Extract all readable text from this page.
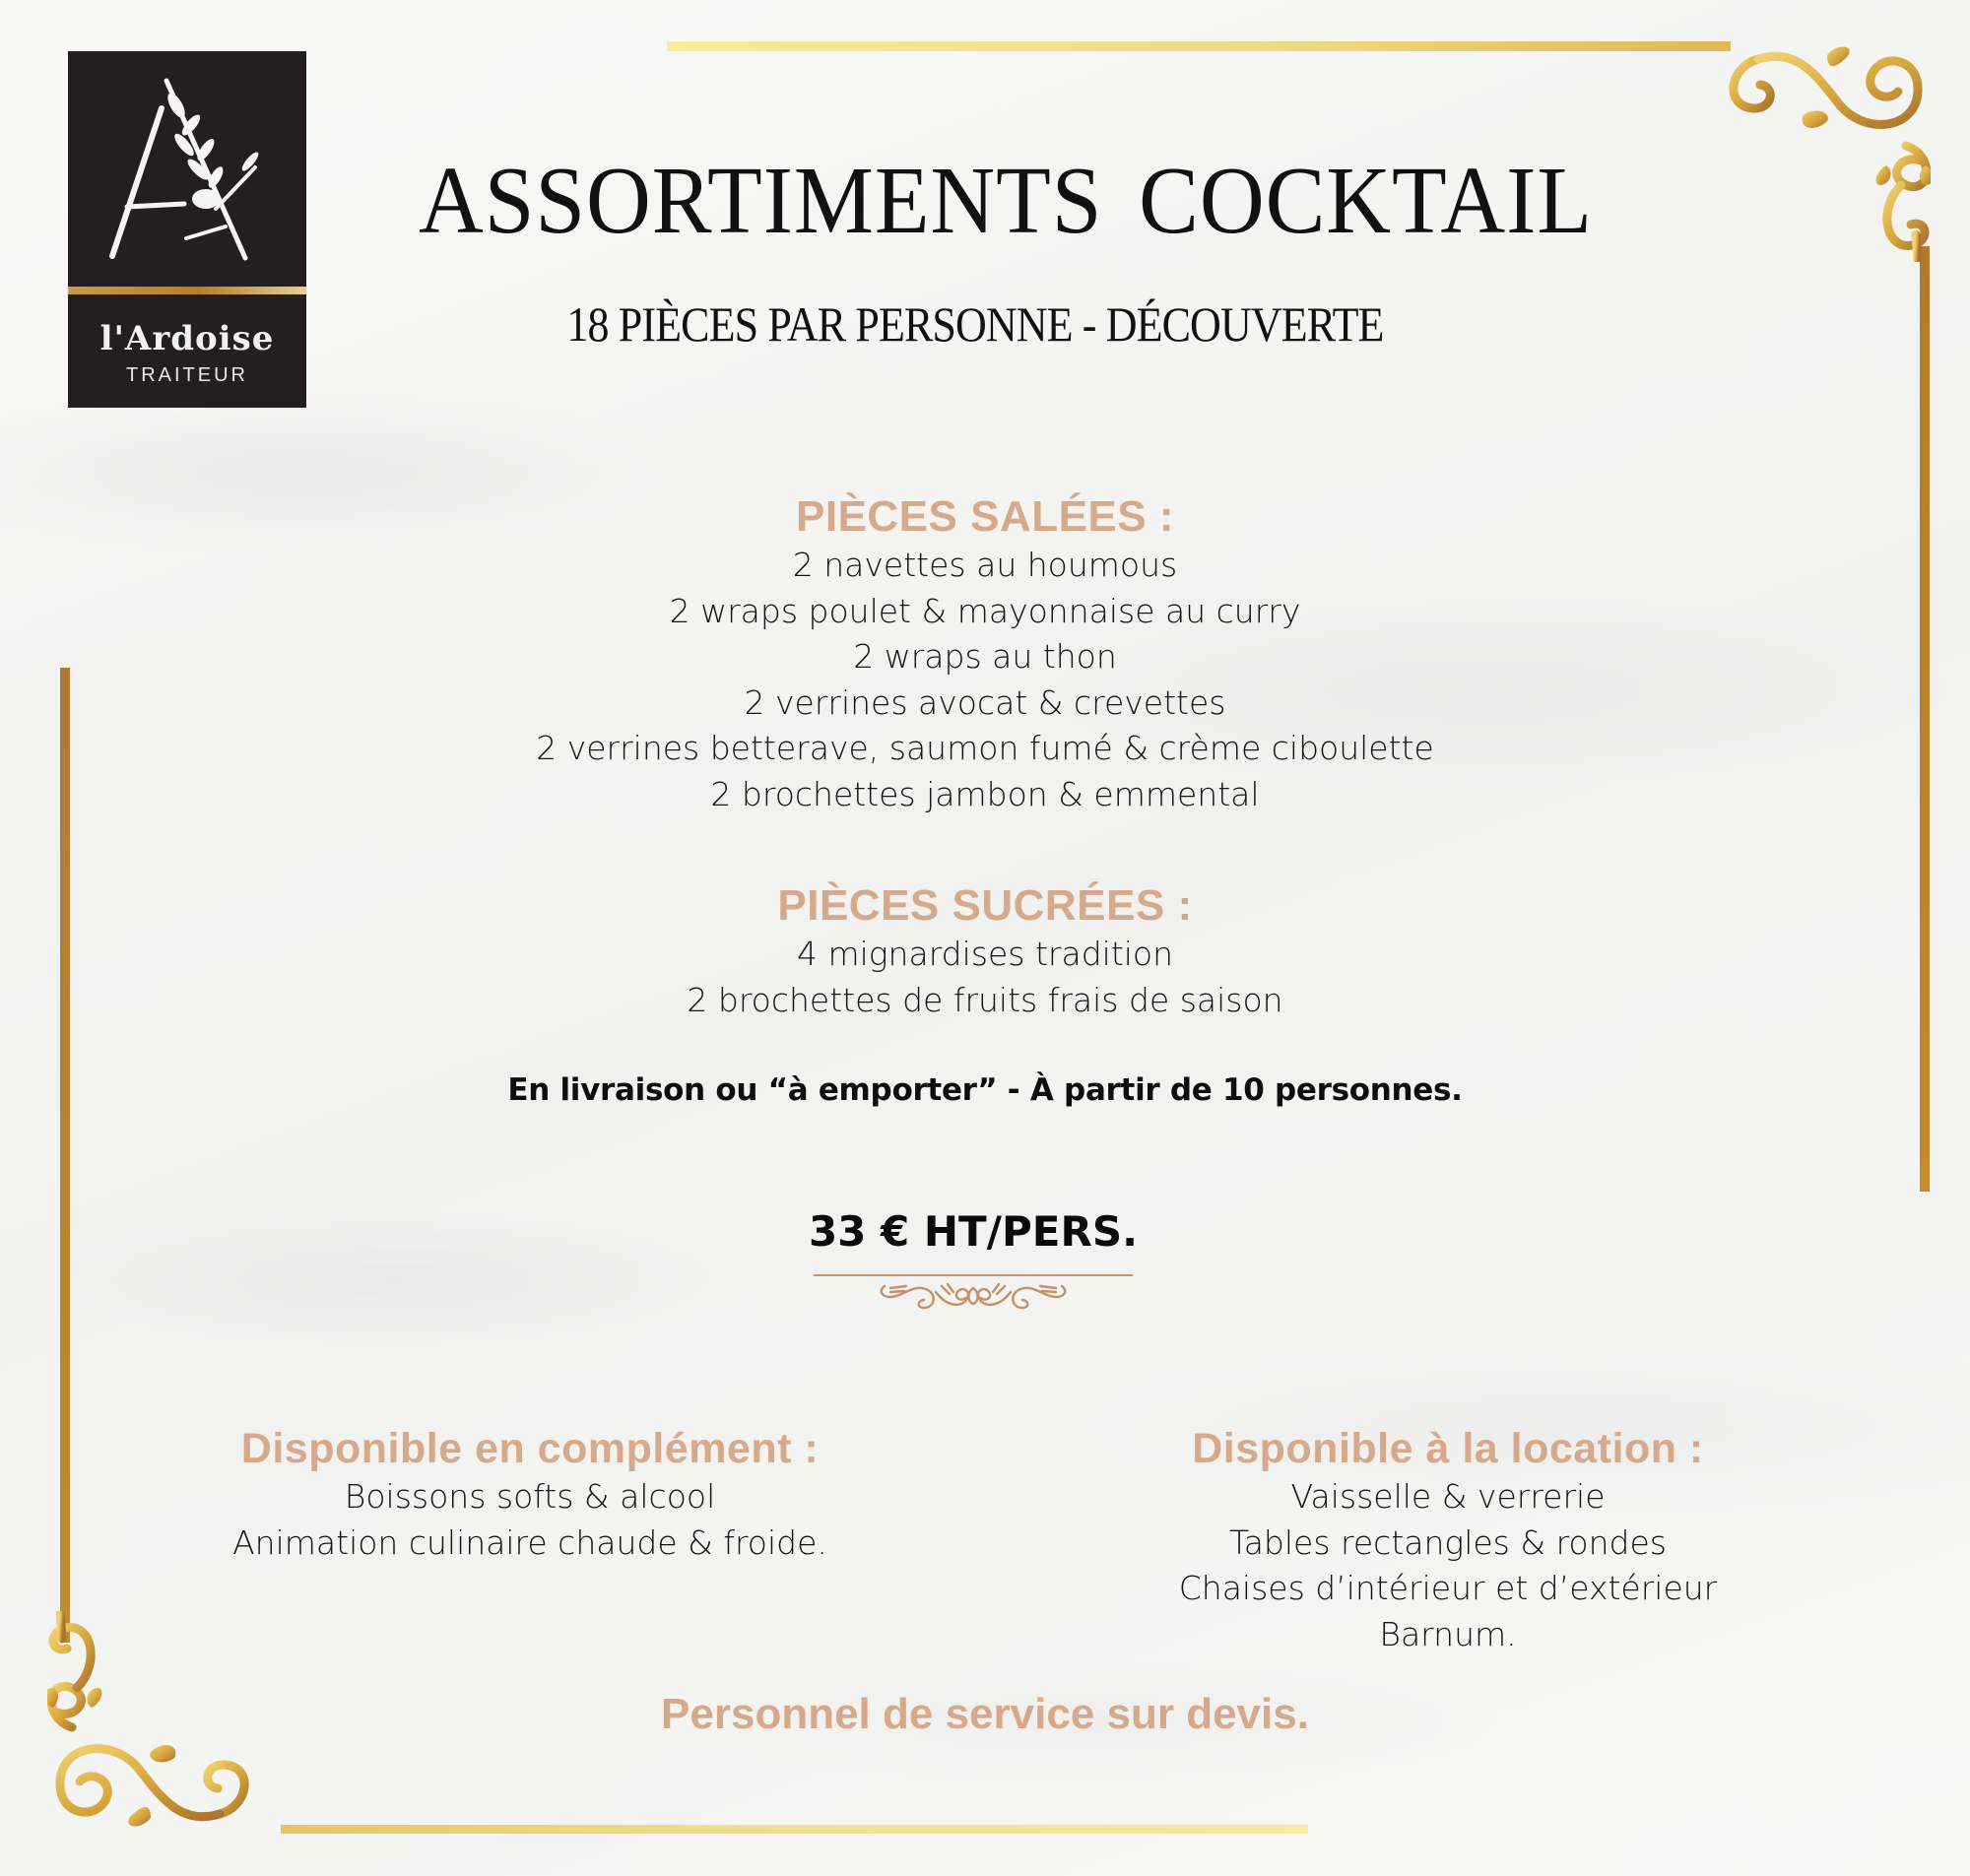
l'Ardoise
TRAITEUR
ASSORTIMENTS COCKTAIL
18 PIÈCES PAR PERSONNE - DÉCOUVERTE
PIÈCES SALÉES :
2 navettes au houmous
2 wraps poulet & mayonnaise au curry
2 wraps au thon
2 verrines avocat & crevettes
2 verrines betterave, saumon fumé & crème ciboulette
2 brochettes jambon & emmental
PIÈCES SUCRÉES :
4 mignardises tradition
2 brochettes de fruits frais de saison
En livraison ou “à emporter” - À partir de 10 personnes.
33 € HT/PERS.
Disponible en complément :
Boissons softs & alcool
Animation culinaire chaude & froide.
Disponible à la location :
Vaisselle & verrerie
Tables rectangles & rondes
Chaises d’intérieur et d’extérieur
Barnum.
Personnel de service sur devis.
